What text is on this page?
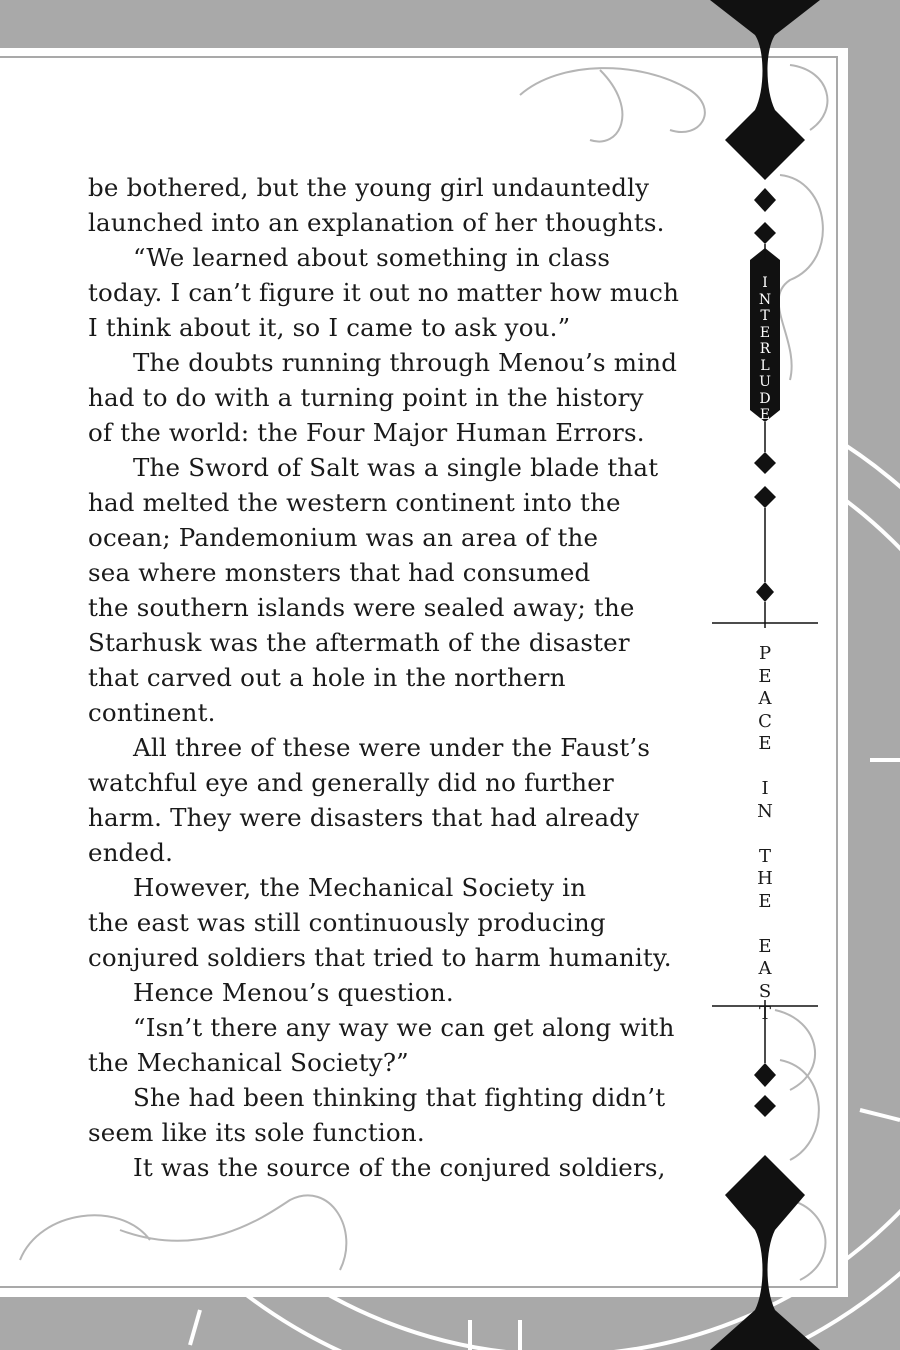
I
N
T
E
R
L
U
D
E
P
E
A
C
E

I
N

T
H
E

E
A
S
T
be bothered, but the young girl undauntedly
launched into an explanation of her thoughts.
“We learned about something in class
today. I can’t figure it out no matter how much
I think about it, so I came to ask you.”
The doubts running through Menou’s mind
had to do with a turning point in the history
of the world: the Four Major Human Errors.
The Sword of Salt was a single blade that
had melted the western continent into the
ocean; Pandemonium was an area of the
sea where monsters that had consumed
the southern islands were sealed away; the
Starhusk was the aftermath of the disaster
that carved out a hole in the northern
continent.
All three of these were under the Faust’s
watchful eye and generally did no further
harm. They were disasters that had already
ended.
However, the Mechanical Society in
the east was still continuously producing
conjured soldiers that tried to harm humanity.
Hence Menou’s question.
“Isn’t there any way we can get along with
the Mechanical Society?”
She had been thinking that fighting didn’t
seem like its sole function.
It was the source of the conjured soldiers,
